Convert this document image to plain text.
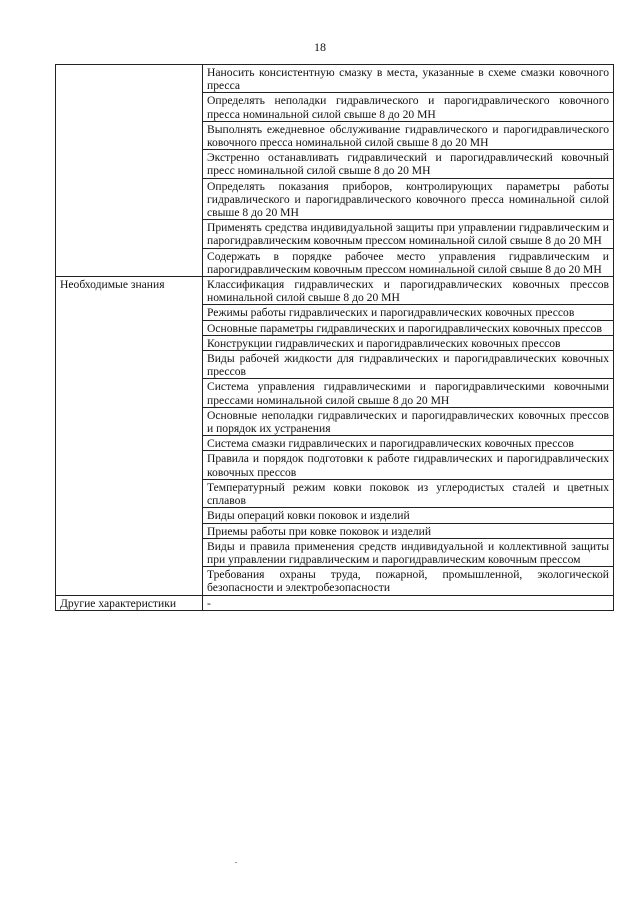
18
	Наносить консистентную смазку в места, указанные в схеме смазки ковочного пресса
	Определять неполадки гидравлического и парогидравлического ковочного пресса номинальной силой свыше 8 до 20 МН
	Выполнять ежедневное обслуживание гидравлического и парогидравлического ковочного пресса номинальной силой свыше 8 до 20 МН
	Экстренно останавливать гидравлический и парогидравлический ковочный пресс номинальной силой свыше 8 до 20 МН
	Определять показания приборов, контролирующих параметры работы гидравлического и парогидравлического ковочного пресса номинальной силой свыше 8 до 20 МН
	Применять средства индивидуальной защиты при управлении гидравлическим и парогидравлическим ковочным прессом номинальной силой свыше 8 до 20 МН
	Содержать в порядке рабочее место управления гидравлическим и парогидравлическим ковочным прессом номинальной силой свыше 8 до 20 МН
Необходимые знания	Классификация гидравлических и парогидравлических ковочных прессов номинальной силой свыше 8 до 20 МН
	Режимы работы гидравлических и парогидравлических ковочных прессов
	Основные параметры гидравлических и парогидравлических ковочных прессов
	Конструкции гидравлических и парогидравлических ковочных прессов
	Виды рабочей жидкости для гидравлических и парогидравлических ковочных прессов
	Система управления гидравлическими и парогидравлическими ковочными прессами номинальной силой свыше 8 до 20 МН
	Основные неполадки гидравлических и парогидравлических ковочных прессов и порядок их устранения
	Система смазки гидравлических и парогидравлических ковочных прессов
	Правила и порядок подготовки к работе гидравлических и парогидравлических ковочных прессов
	Температурный режим ковки поковок из углеродистых сталей и цветных сплавов
	Виды операций ковки поковок и изделий
	Приемы работы при ковке поковок и изделий
	Виды и правила применения средств индивидуальной и коллективной защиты при управлении гидравлическим и парогидравлическим ковочным прессом
	Требования охраны труда, пожарной, промышленной, экологической безопасности и электробезопасности
Другие характеристики	-
